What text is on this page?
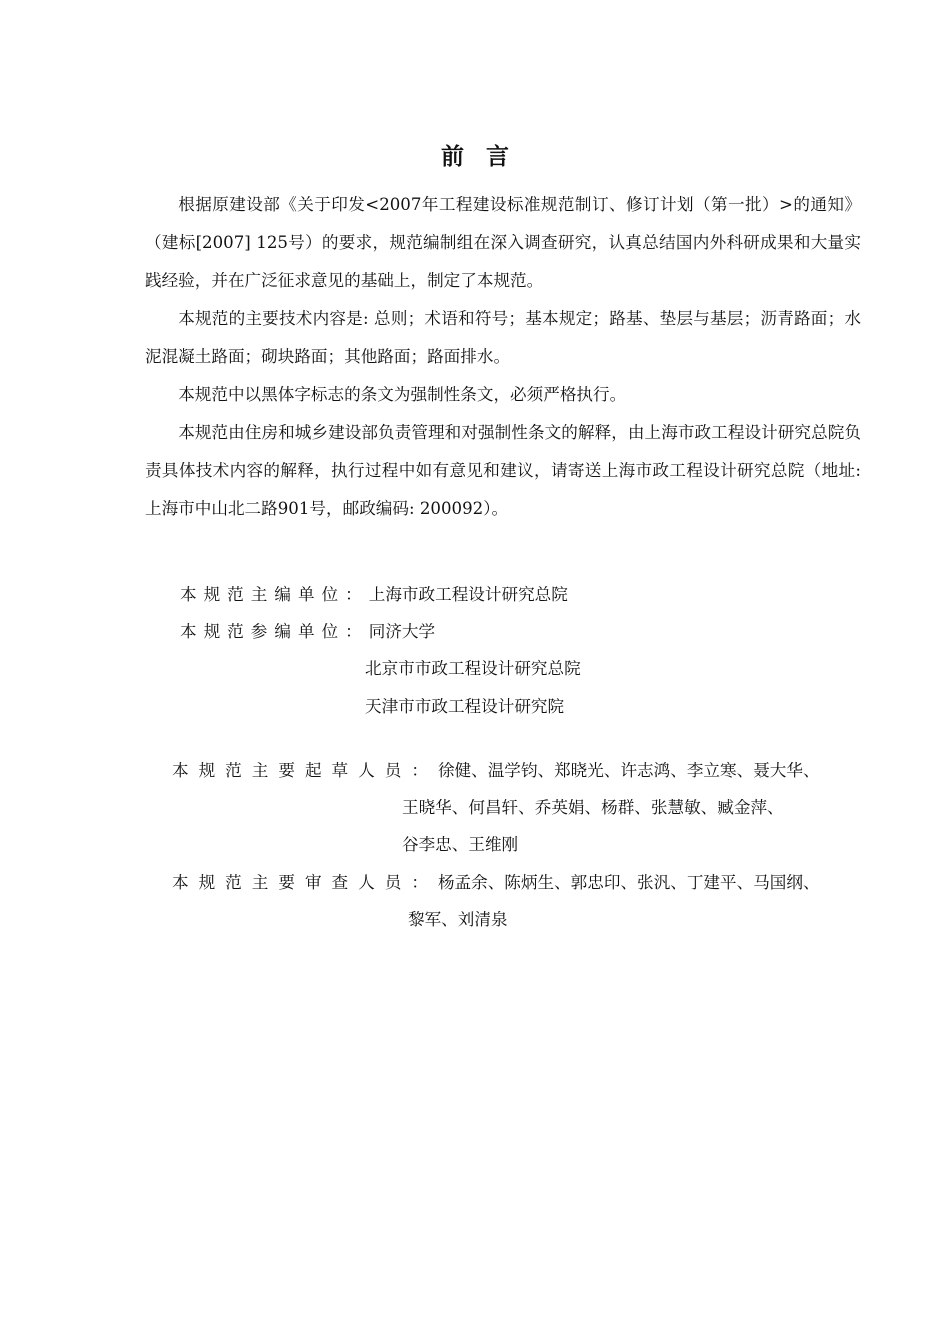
前言

根据原建设部《关于印发<2007年工程建设标准规范制订、修订计划（第一批）>的通知》（建标[2007] 125号）的要求，规范编制组在深入调查研究，认真总结国内外科研成果和大量实践经验，并在广泛征求意见的基础上，制定了本规范。

本规范的主要技术内容是: 总则；术语和符号；基本规定；路基、垫层与基层；沥青路面；水泥混凝土路面；砌块路面；其他路面；路面排水。

本规范中以黑体字标志的条文为强制性条文，必须严格执行。

本规范由住房和城乡建设部负责管理和对强制性条文的解释，由上海市政工程设计研究总院负责具体技术内容的解释，执行过程中如有意见和建议，请寄送上海市政工程设计研究总院（地址: 上海市中山北二路901号，邮政编码: 200092）。

本规范主编单位：上海市政工程设计研究总院
本规范参编单位：同济大学
北京市市政工程设计研究总院
天津市市政工程设计研究院
本规范主要起草人员：徐健、温学钧、郑晓光、许志鸿、李立寒、聂大华、
王晓华、何昌轩、乔英娟、杨群、张慧敏、臧金萍、
谷李忠、王维刚
本规范主要审查人员：杨孟余、陈炳生、郭忠印、张汎、丁建平、马国纲、
黎军、刘清泉
